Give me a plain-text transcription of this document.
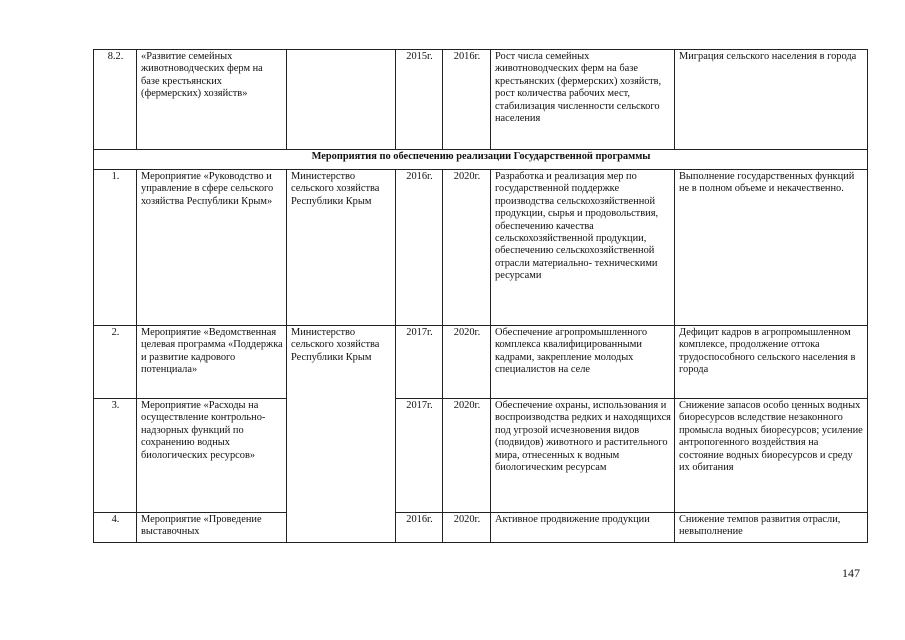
8.2.	«Развитие семейных животноводческих ферм на базе крестьянских (фермерских) хозяйств»		2015г.	2016г.	Рост числа семейных животноводческих ферм на базе крестьянских (фермерских) хозяйств, рост количества рабочих мест, стабилизация численности сельского населения	Миграция сельского населения в города
Мероприятия по обеспечению реализации Государственной программы						
1.	Мероприятие «Руководство и управление в сфере сельского хозяйства Республики Крым»	Министерство сельского хозяйства Республики Крым	2016г.	2020г.	Разработка и реализация мер по государственной поддержке производства сельскохозяйственной продукции, сырья и продовольствия, обеспечению качества сельскохозяйственной продукции, обеспечению сельскохозяйственной отрасли материально- техническими ресурсами	Выполнение государственных функций не в полном объеме и некачественно.
2.	Мероприятие «Ведомственная целевая программа «Поддержка и развитие кадрового потенциала»	Министерство сельского хозяйства Республики Крым	2017г.	2020г.	Обеспечение агропромышленного комплекса квалифицированными кадрами, закрепление молодых специалистов на селе	Дефицит кадров в агропромышленном комплексе, продолжение оттока трудоспособного сельского населения в города
3.	Мероприятие «Расходы на осуществление контрольно-надзорных функций по сохранению водных биологических ресурсов»		2017г.	2020г.	Обеспечение охраны, использования и воспроизводства редких и находящихся под угрозой исчезновения видов (подвидов) животного и растительного мира, отнесенных к водным биологическим ресурсам	Снижение запасов особо ценных водных биоресурсов вследствие незаконного промысла водных биоресурсов; усиление антропогенного воздействия на состояние водных биоресурсов и среду их обитания
4.	Мероприятие «Проведение выставочных		2016г.	2020г.	Активное продвижение продукции	Снижение темпов развития отрасли, невыполнение
147
